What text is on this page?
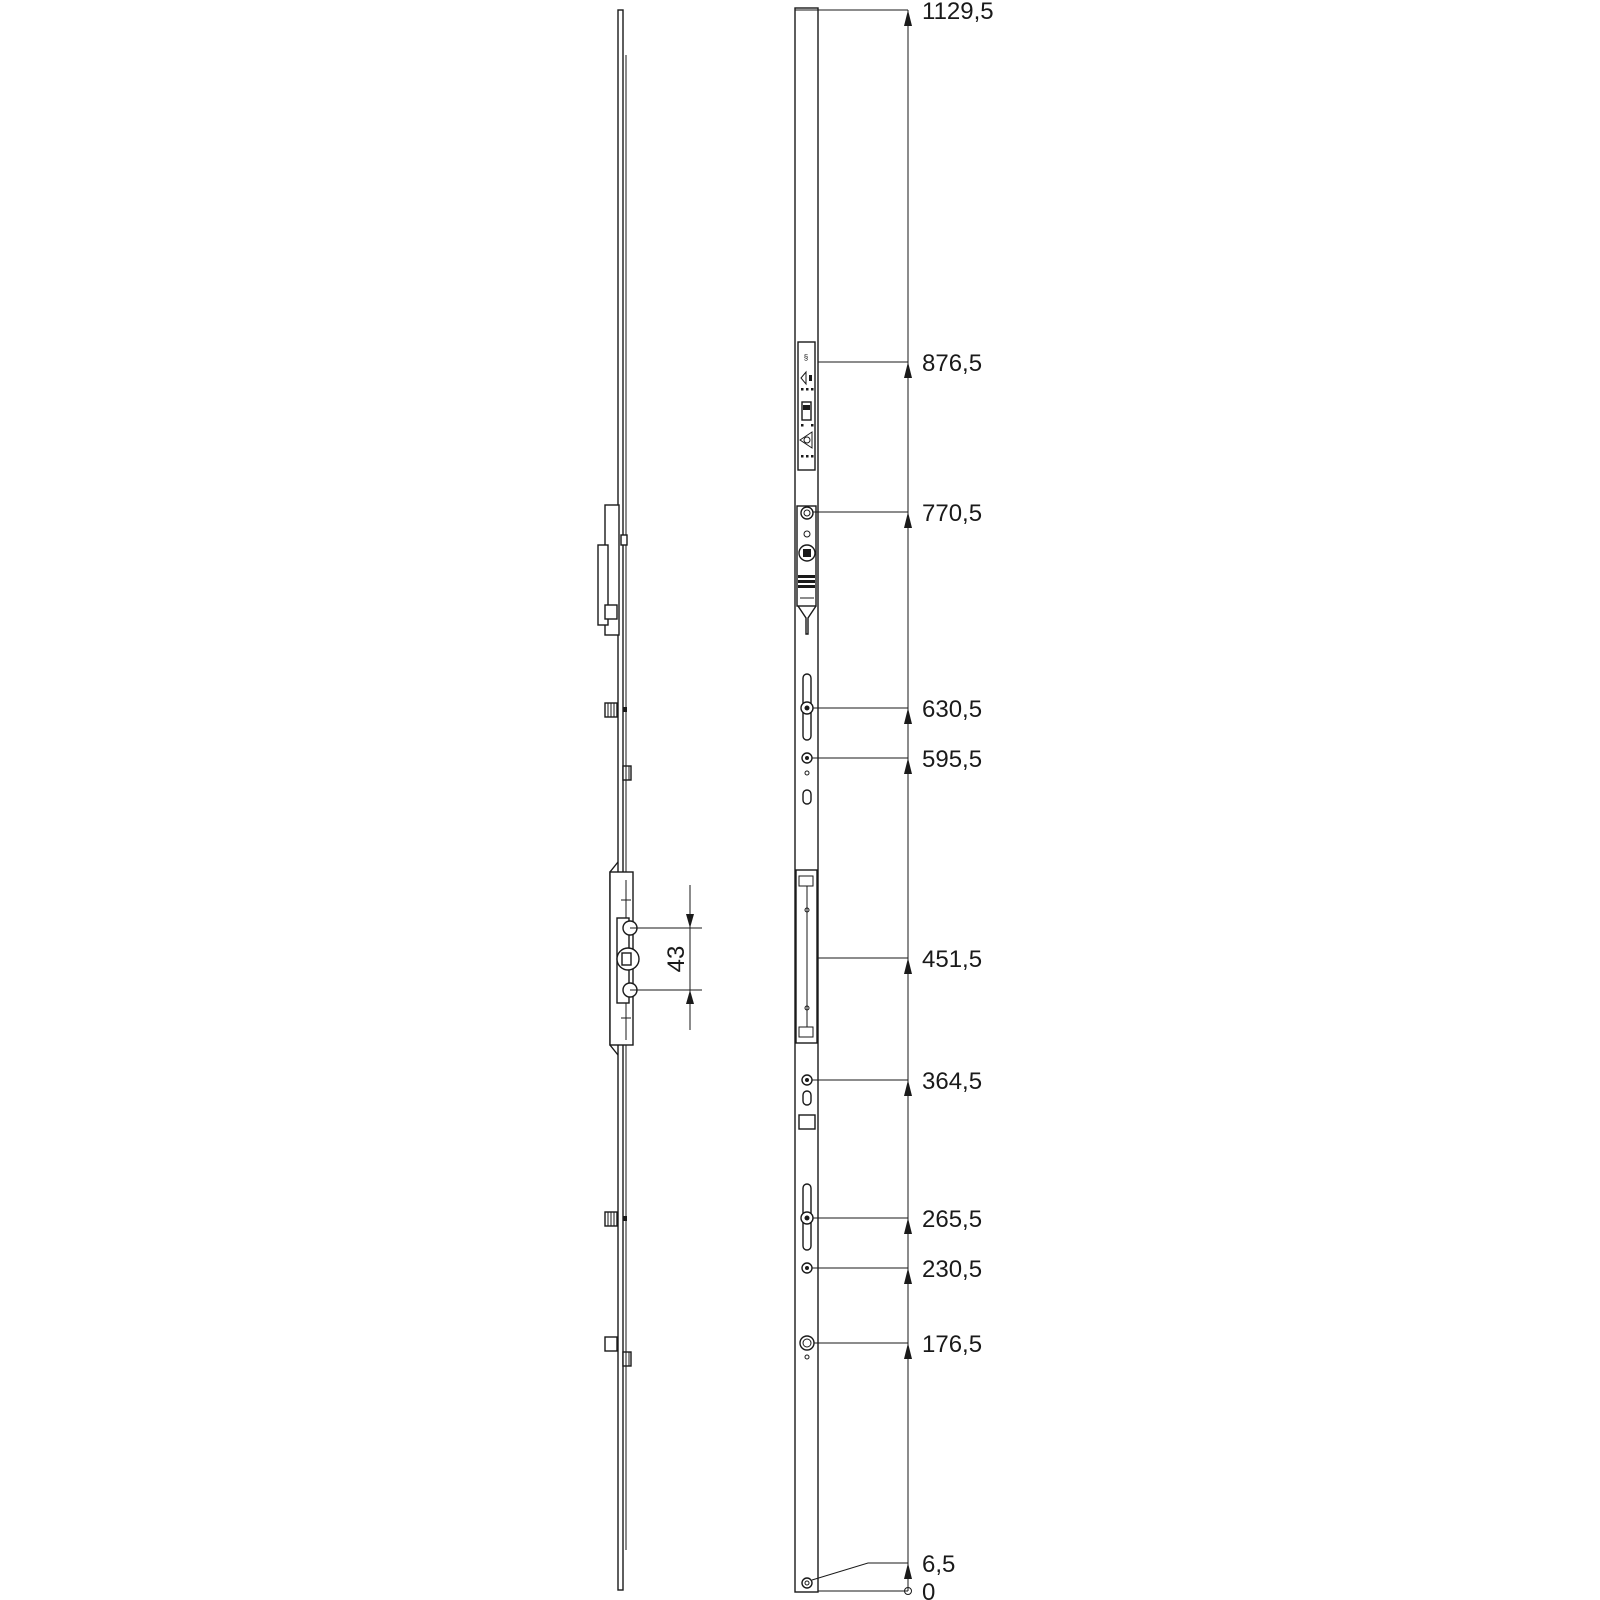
43
§
1129,5
876,5
770,5
630,5
595,5
451,5
364,5
265,5
230,5
176,5
6,5
0
